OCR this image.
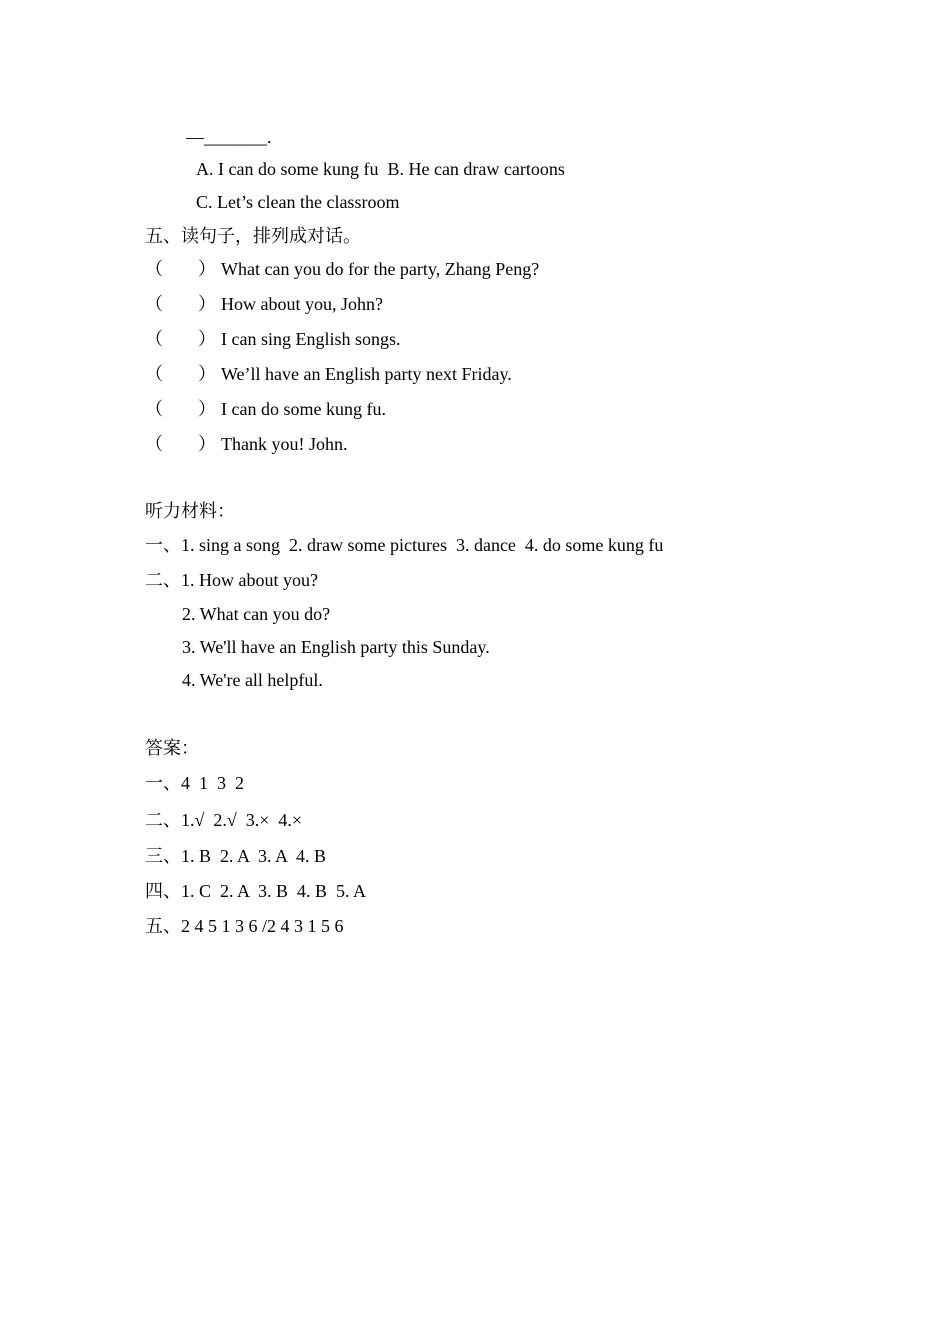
—_______.
A. I can do some kung fu  B. He can draw cartoons
C. Let’s clean the classroom
五、读句子，排列成对话。
（ ） What can you do for the party, Zhang Peng?
（ ） How about you, John?
（ ） I can sing English songs.
（ ） We’ll have an English party next Friday.
（ ） I can do some kung fu.
（ ） Thank you! John.
听力材料：
一、1. sing a song  2. draw some pictures  3. dance  4. do some kung fu
二、1. How about you?
2. What can you do?
3. We'll have an English party this Sunday.
4. We're all helpful.
答案：
一、4  1  3  2
二、1.√  2.√  3.×  4.×
三、1. B  2. A  3. A  4. B
四、1. C  2. A  3. B  4. B  5. A
五、2 4 5 1 3 6 /2 4 3 1 5 6
